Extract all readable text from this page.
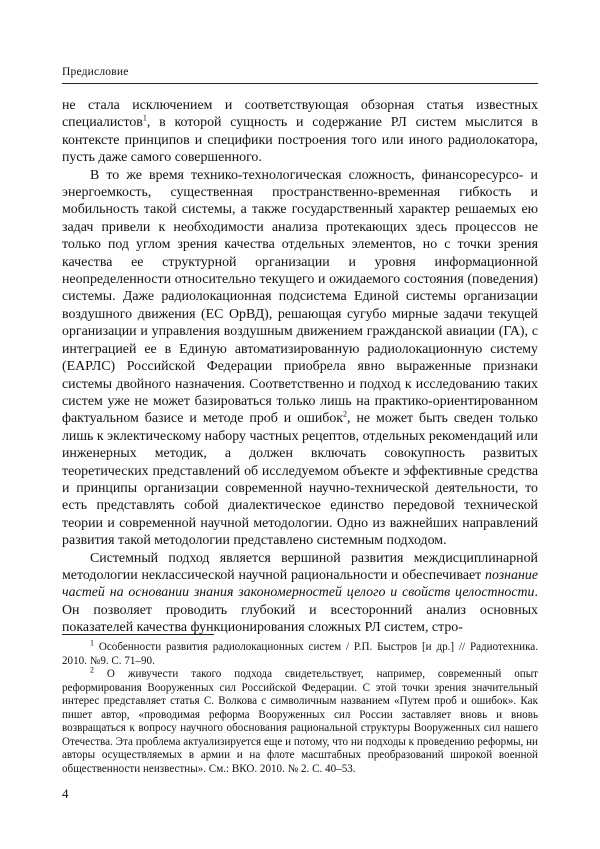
Предисловие

не стала исключением и соответствующая обзорная статья известных специалистов$^1$, в которой сущность и содержание РЛ систем мыслится в контексте принципов и специфики построения того или иного радиолокатора, пусть даже самого совершенного.

В то же время технико-технологическая сложность, финансоресурсо- и энергоемкость, существенная пространственно-временная гибкость и мобильность такой системы, а также государственный характер решаемых ею задач привели к необходимости анализа протекающих здесь процессов не только под углом зрения качества отдельных элементов, но с точки зрения качества ее структурной организации и уровня информационной неопределенности относительно текущего и ожидаемого состояния (поведения) системы. Даже радиолокационная подсистема Единой системы организации воздушного движения (ЕС ОрВД), решающая сугубо мирные задачи текущей организации и управления воздушным движением гражданской авиации (ГА), с интеграцией ее в Единую автоматизированную радиолокационную систему (ЕАРЛС) Российской Федерации приобрела явно выраженные признаки системы двойного назначения. Соответственно и подход к исследованию таких систем уже не может базироваться только лишь на практико-ориентированном фактуальном базисе и методе проб и ошибок$^2$, не может быть сведен только лишь к эклектическому набору частных рецептов, отдельных рекомендаций или инженерных методик, а должен включать совокупность развитых теоретических представлений об исследуемом объекте и эффективные средства и принципы организации современной научно-технической деятельности, то есть представлять собой диалектическое единство передовой технической теории и современной научной методологии. Одно из важнейших направлений развития такой методологии представлено системным подходом.

Системный подход является вершиной развития междисциплинарной методологии неклассической научной рациональности и обеспечивает познание частей на основании знания закономерностей целого и свойств целостности. Он позволяет проводить глубокий и всесторонний анализ основных показателей качества функционирования сложных РЛ систем, стро-

$^1$ Особенности развития радиолокационных систем / Р.П. Быстров [и др.] // Радиотехника. 2010. №9. С. 71–90.

$^2$ О живучести такого подхода свидетельствует, например, современный опыт реформирования Вооруженных сил Российской Федерации. С этой точки зрения значительный интерес представляет статья С. Волкова с символичным названием «Путем проб и ошибок». Как пишет автор, «проводимая реформа Вооруженных сил России заставляет вновь и вновь возвращаться к вопросу научного обоснования рациональной структуры Вооруженных сил нашего Отечества. Эта проблема актуализируется еще и потому, что ни подходы к проведению реформы, ни авторы осуществляемых в армии и на флоте масштабных преобразований широкой военной общественности неизвестны». См.: ВКО. 2010. № 2. С. 40–53.

4
